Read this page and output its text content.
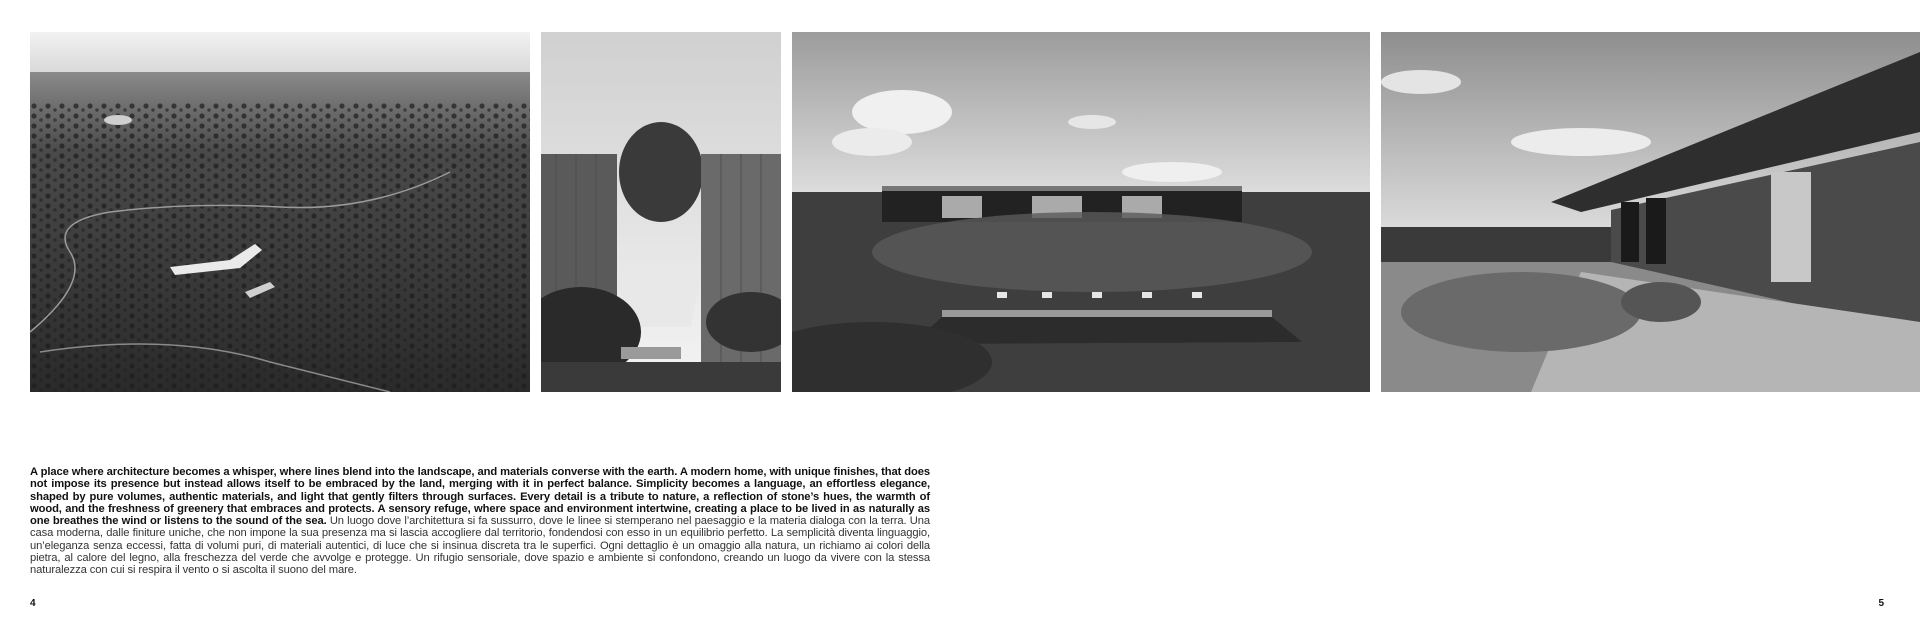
A place where architecture becomes a whisper, where lines blend into the landscape, and materials converse with the earth. A modern home, with unique finishes, that does not impose its presence but instead allows itself to be embraced by the land, merging with it in perfect balance. Simplicity becomes a language, an effortless elegance, shaped by pure volumes, authentic materials, and light that gently filters through surfaces. Every detail is a tribute to nature, a reflection of stone’s hues, the warmth of wood, and the freshness of greenery that embraces and protects. A sensory refuge, where space and environment intertwine, creating a place to be lived in as naturally as one breathes the wind or listens to the sound of the sea. Un luogo dove l’architettura si fa sussurro, dove le linee si stemperano nel paesaggio e la materia dialoga con la terra. Una casa moderna, dalle finiture uniche, che non impone la sua presenza ma si lascia accogliere dal territorio, fondendosi con esso in un equilibrio perfetto. La semplicità diventa linguaggio, un’eleganza senza eccessi, fatta di volumi puri, di materiali autentici, di luce che si insinua discreta tra le superfici. Ogni dettaglio è un omaggio alla natura, un richiamo ai colori della pietra, al calore del legno, alla freschezza del verde che avvolge e protegge. Un rifugio sensoriale, dove spazio e ambiente si confondono, creando un luogo da vivere con la stessa naturalezza con cui si respira il vento o si ascolta il suono del mare.

4	5
